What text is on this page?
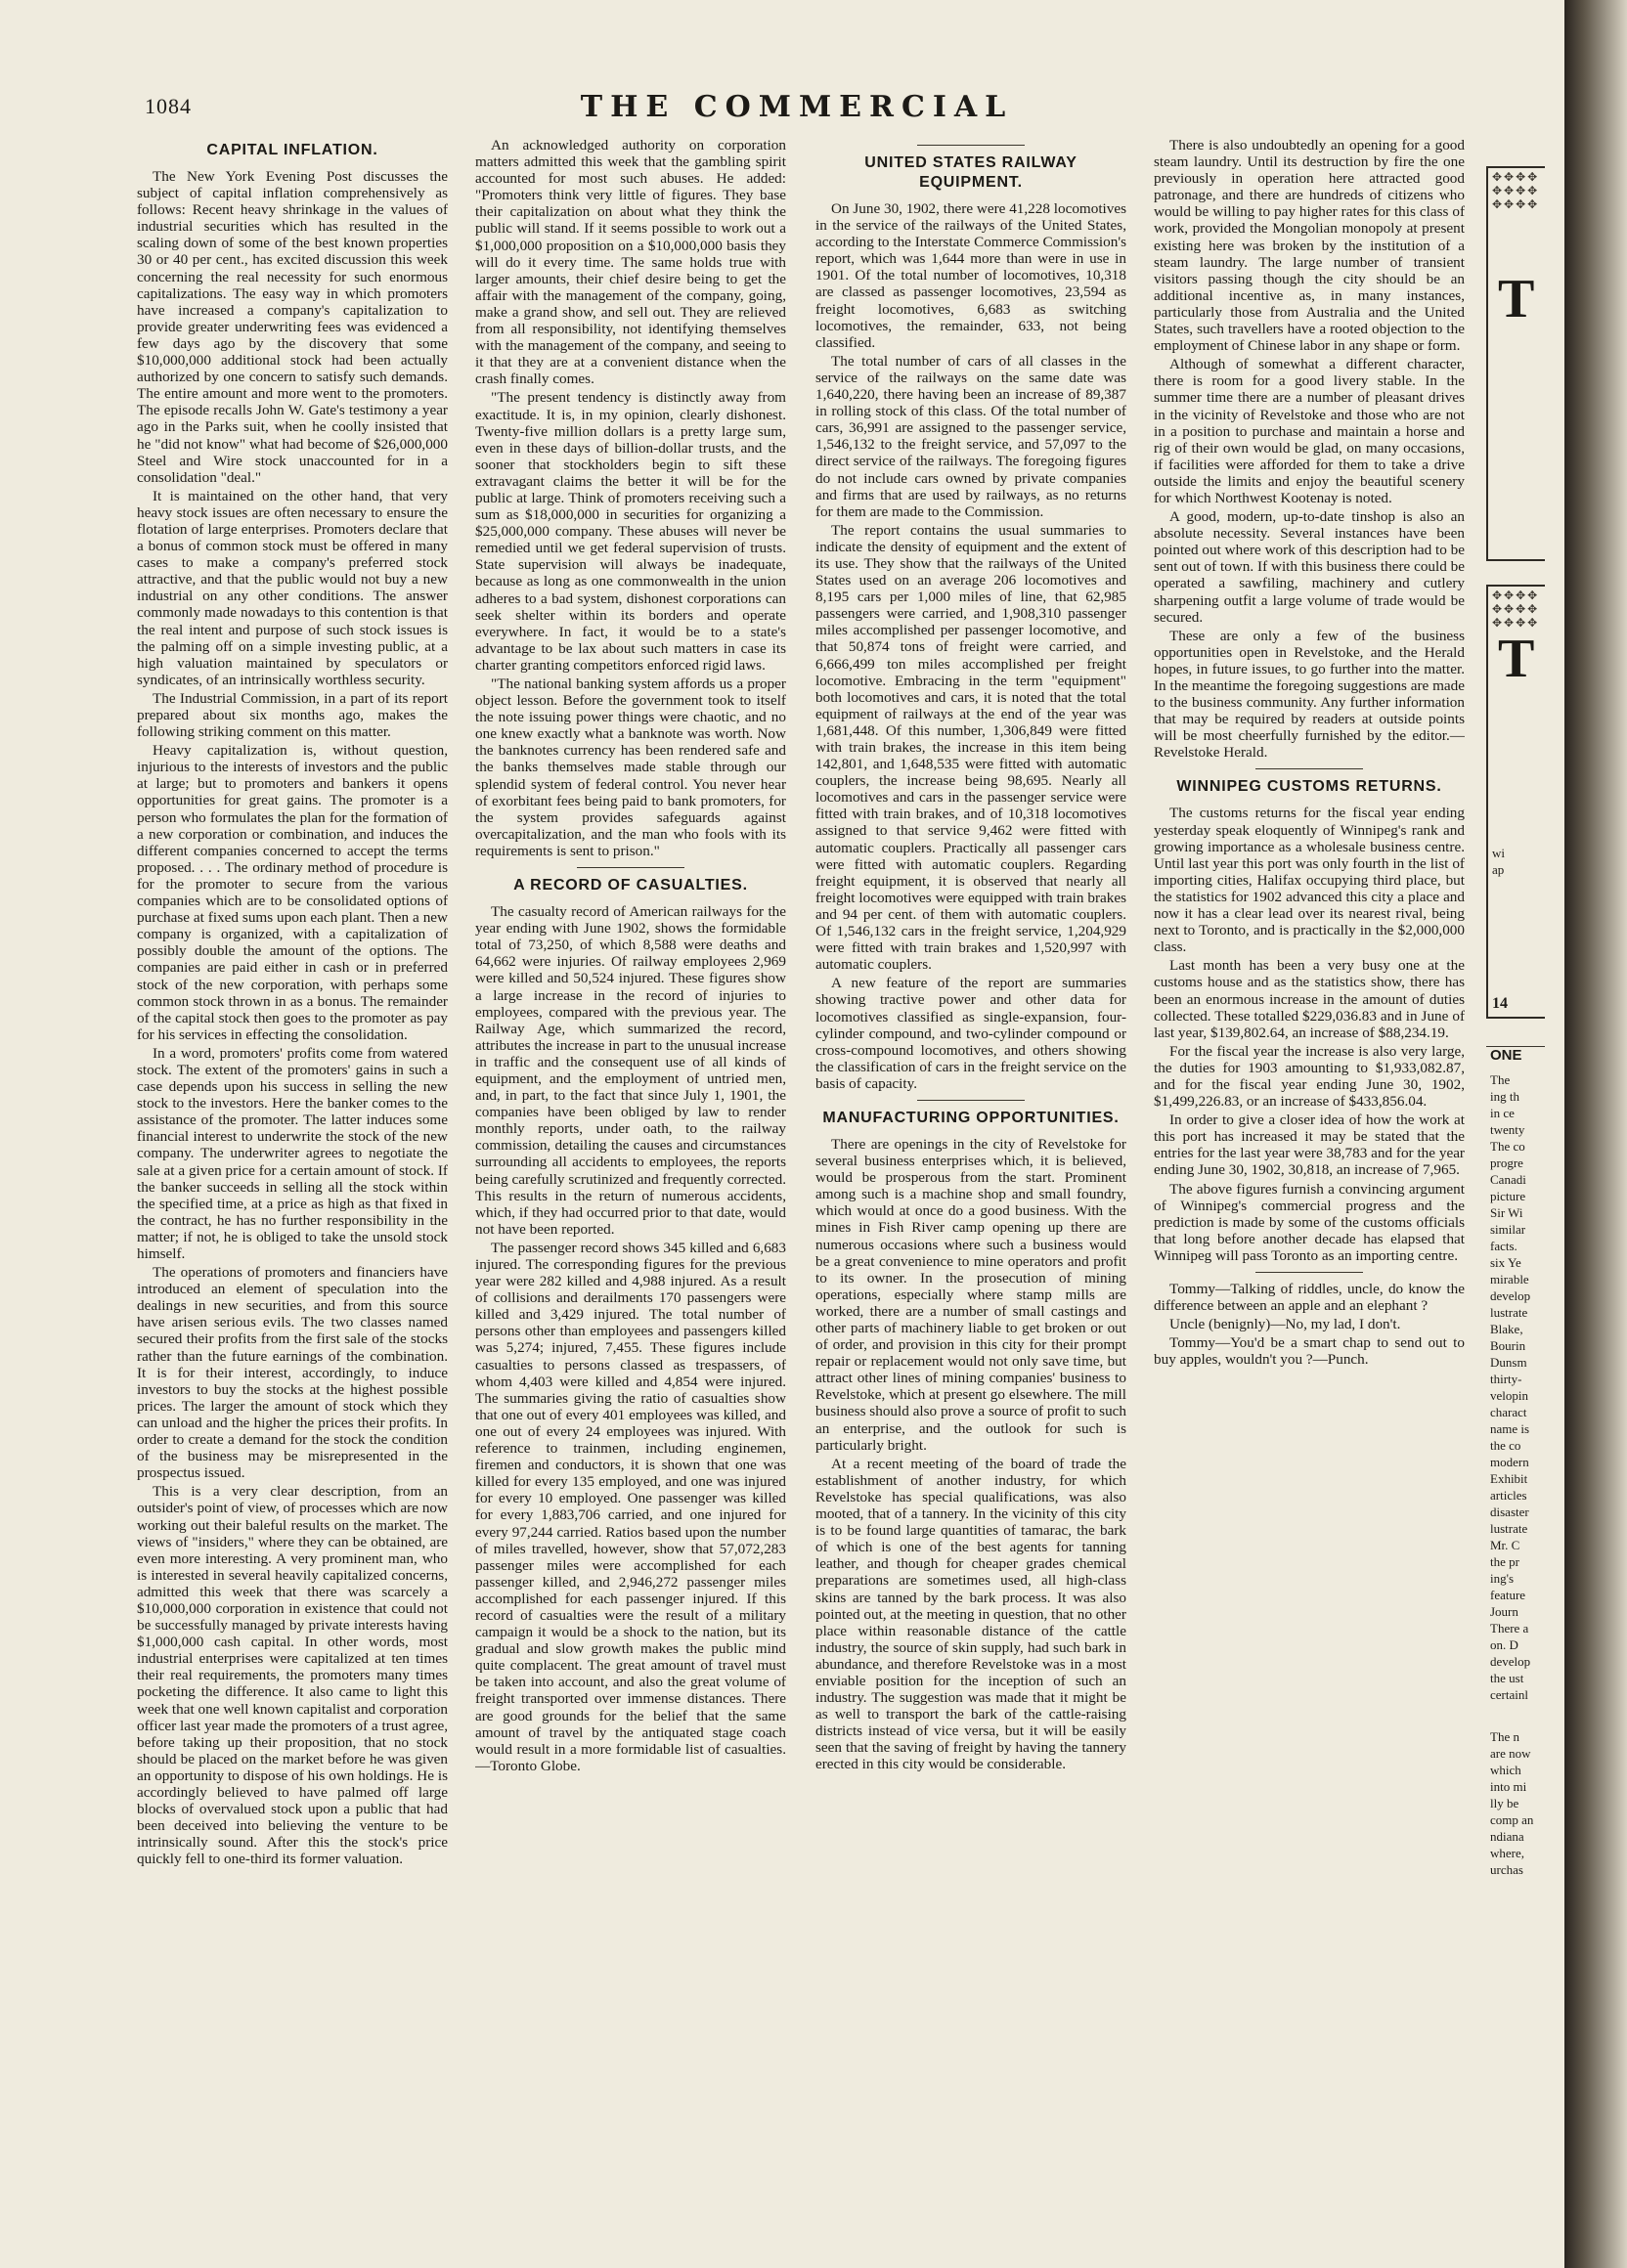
1084	THE COMMERCIAL
CAPITAL INFLATION.

The New York Evening Post discusses the subject of capital inflation comprehensively as follows: Recent heavy shrinkage in the values of industrial securities which has resulted in the scaling down of some of the best known properties 30 or 40 per cent., has excited discussion this week concerning the real necessity for such enormous capitalizations. The easy way in which promoters have increased a company's capitalization to provide greater underwriting fees was evidenced a few days ago by the discovery that some $10,000,000 additional stock had been actually authorized by one concern to satisfy such demands. The entire amount and more went to the promoters. The episode recalls John W. Gate's testimony a year ago in the Parks suit, when he coolly insisted that he "did not know" what had become of $26,000,000 Steel and Wire stock unaccounted for in a consolidation "deal."

It is maintained on the other hand, that very heavy stock issues are often necessary to ensure the flotation of large enterprises. Promoters declare that a bonus of common stock must be offered in many cases to make a company's preferred stock attractive, and that the public would not buy a new industrial on any other conditions. The answer commonly made nowadays to this contention is that the real intent and purpose of such stock issues is the palming off on a simple investing public, at a high valuation maintained by speculators or syndicates, of an intrinsically worthless security.

The Industrial Commission, in a part of its report prepared about six months ago, makes the following striking comment on this matter.

Heavy capitalization is, without question, injurious to the interests of investors and the public at large; but to promoters and bankers it opens opportunities for great gains. The promoter is a person who formulates the plan for the formation of a new corporation or combination, and induces the different companies concerned to accept the terms proposed. . . . The ordinary method of procedure is for the promoter to secure from the various companies which are to be consolidated options of purchase at fixed sums upon each plant. Then a new company is organized, with a capitalization of possibly double the amount of the options. The companies are paid either in cash or in preferred stock of the new corporation, with perhaps some common stock thrown in as a bonus. The remainder of the capital stock then goes to the promoter as pay for his services in effecting the consolidation.

In a word, promoters' profits come from watered stock. The extent of the promoters' gains in such a case depends upon his success in selling the new stock to the investors. Here the banker comes to the assistance of the promoter. The latter induces some financial interest to underwrite the stock of the new company. The underwriter agrees to negotiate the sale at a given price for a certain amount of stock. If the banker succeeds in selling all the stock within the specified time, at a price as high as that fixed in the contract, he has no further responsibility in the matter; if not, he is obliged to take the unsold stock himself.

The operations of promoters and financiers have introduced an element of speculation into the dealings in new securities, and from this source have arisen serious evils. The two classes named secured their profits from the first sale of the stocks rather than the future earnings of the combination. It is for their interest, accordingly, to induce investors to buy the stocks at the highest possible prices. The larger the amount of stock which they can unload and the higher the prices their profits. In order to create a demand for the stock the condition of the business may be misrepresented in the prospectus issued.

This is a very clear description, from an outsider's point of view, of processes which are now working out their baleful results on the market. The views of "insiders," where they can be obtained, are even more interesting. A very prominent man, who is interested in several heavily capitalized concerns, admitted this week that there was scarcely a $10,000,000 corporation in existence that could not be successfully managed by private interests having $1,000,000 cash capital. In other words, most industrial enterprises were capitalized at ten times their real requirements, the promoters many times pocketing the difference. It also came to light this week that one well known capitalist and corporation officer last year made the promoters of a trust agree, before taking up their proposition, that no stock should be placed on the market before he was given an opportunity to dispose of his own holdings. He is accordingly believed to have palmed off large blocks of overvalued stock upon a public that had been deceived into believing the venture to be intrinsically sound. After this the stock's price quickly fell to one-third its former valuation.

An acknowledged authority on corporation matters admitted this week that the gambling spirit accounted for most such abuses. He added: "Promoters think very little of figures. They base their capitalization on about what they think the public will stand. If it seems possible to work out a $1,000,000 proposition on a $10,000,000 basis they will do it every time. The same holds true with larger amounts, their chief desire being to get the affair with the management of the company, going, make a grand show, and sell out. They are relieved from all responsibility, not identifying themselves with the management of the company, and seeing to it that they are at a convenient distance when the crash finally comes.

"The present tendency is distinctly away from exactitude. It is, in my opinion, clearly dishonest. Twenty-five million dollars is a pretty large sum, even in these days of billion-dollar trusts, and the sooner that stockholders begin to sift these extravagant claims the better it will be for the public at large. Think of promoters receiving such a sum as $18,000,000 in securities for organizing a $25,000,000 company. These abuses will never be remedied until we get federal supervision of trusts. State supervision will always be inadequate, because as long as one commonwealth in the union adheres to a bad system, dishonest corporations can seek shelter within its borders and operate everywhere. In fact, it would be to a state's advantage to be lax about such matters in case its charter granting competitors enforced rigid laws.

"The national banking system affords us a proper object lesson. Before the government took to itself the note issuing power things were chaotic, and no one knew exactly what a banknote was worth. Now the banknotes currency has been rendered safe and the banks themselves made stable through our splendid system of federal control. You never hear of exorbitant fees being paid to bank promoters, for the system provides safeguards against overcapitalization, and the man who fools with its requirements is sent to prison."

A RECORD OF CASUALTIES.

The casualty record of American railways for the year ending with June 1902, shows the formidable total of 73,250, of which 8,588 were deaths and 64,662 were injuries. Of railway employees 2,969 were killed and 50,524 injured. These figures show a large increase in the record of injuries to employees, compared with the previous year. The Railway Age, which summarized the record, attributes the increase in part to the unusual increase in traffic and the consequent use of all kinds of equipment, and the employment of untried men, and, in part, to the fact that since July 1, 1901, the companies have been obliged by law to render monthly reports, under oath, to the railway commission, detailing the causes and circumstances surrounding all accidents to employees, the reports being carefully scrutinized and frequently corrected. This results in the return of numerous accidents, which, if they had occurred prior to that date, would not have been reported.

The passenger record shows 345 killed and 6,683 injured. The corresponding figures for the previous year were 282 killed and 4,988 injured. As a result of collisions and derailments 170 passengers were killed and 3,429 injured. The total number of persons other than employees and passengers killed was 5,274; injured, 7,455. These figures include casualties to persons classed as trespassers, of whom 4,403 were killed and 4,854 were injured. The summaries giving the ratio of casualties show that one out of every 401 employees was killed, and one out of every 24 employees was injured. With reference to trainmen, including enginemen, firemen and conductors, it is shown that one was killed for every 135 employed, and one was injured for every 10 employed. One passenger was killed for every 1,883,706 carried, and one injured for every 97,244 carried. Ratios based upon the number of miles travelled, however, show that 57,072,283 passenger miles were accomplished for each passenger killed, and 2,946,272 passenger miles accomplished for each passenger injured. If this record of casualties were the result of a military campaign it would be a shock to the nation, but its gradual and slow growth makes the public mind quite complacent. The great amount of travel must be taken into account, and also the great volume of freight transported over immense distances. There are good grounds for the belief that the same amount of travel by the antiquated stage coach would result in a more formidable list of casualties.—Toronto Globe.

UNITED STATES RAILWAY EQUIPMENT.

On June 30, 1902, there were 41,228 locomotives in the service of the railways of the United States, according to the Interstate Commerce Commission's report, which was 1,644 more than were in use in 1901. Of the total number of locomotives, 10,318 are classed as passenger locomotives, 23,594 as freight locomotives, 6,683 as switching locomotives, the remainder, 633, not being classified.

The total number of cars of all classes in the service of the railways on the same date was 1,640,220, there having been an increase of 89,387 in rolling stock of this class. Of the total number of cars, 36,991 are assigned to the passenger service, 1,546,132 to the freight service, and 57,097 to the direct service of the railways. The foregoing figures do not include cars owned by private companies and firms that are used by railways, as no returns for them are made to the Commission.

The report contains the usual summaries to indicate the density of equipment and the extent of its use. They show that the railways of the United States used on an average 206 locomotives and 8,195 cars per 1,000 miles of line, that 62,985 passengers were carried, and 1,908,310 passenger miles accomplished per passenger locomotive, and that 50,874 tons of freight were carried, and 6,666,499 ton miles accomplished per freight locomotive. Embracing in the term "equipment" both locomotives and cars, it is noted that the total equipment of railways at the end of the year was 1,681,448. Of this number, 1,306,849 were fitted with train brakes, the increase in this item being 142,801, and 1,648,535 were fitted with automatic couplers, the increase being 98,695. Nearly all locomotives and cars in the passenger service were fitted with train brakes, and of 10,318 locomotives assigned to that service 9,462 were fitted with automatic couplers. Practically all passenger cars were fitted with automatic couplers. Regarding freight equipment, it is observed that nearly all freight locomotives were equipped with train brakes and 94 per cent. of them with automatic couplers. Of 1,546,132 cars in the freight service, 1,204,929 were fitted with train brakes and 1,520,997 with automatic couplers.

A new feature of the report are summaries showing tractive power and other data for locomotives classified as single-expansion, four-cylinder compound, and two-cylinder compound or cross-compound locomotives, and others showing the classification of cars in the freight service on the basis of capacity.

MANUFACTURING OPPORTUNITIES.

There are openings in the city of Revelstoke for several business enterprises which, it is believed, would be prosperous from the start. Prominent among such is a machine shop and small foundry, which would at once do a good business. With the mines in Fish River camp opening up there are numerous occasions where such a business would be a great convenience to mine operators and profit to its owner. In the prosecution of mining operations, especially where stamp mills are worked, there are a number of small castings and other parts of machinery liable to get broken or out of order, and provision in this city for their prompt repair or replacement would not only save time, but attract other lines of mining companies' business to Revelstoke, which at present go elsewhere. The mill business should also prove a source of profit to such an enterprise, and the outlook for such is particularly bright.

At a recent meeting of the board of trade the establishment of another industry, for which Revelstoke has special qualifications, was also mooted, that of a tannery. In the vicinity of this city is to be found large quantities of tamarac, the bark of which is one of the best agents for tanning leather, and though for cheaper grades chemical preparations are sometimes used, all high-class skins are tanned by the bark process. It was also pointed out, at the meeting in question, that no other place within reasonable distance of the cattle industry, the source of skin supply, had such bark in abundance, and therefore Revelstoke was in a most enviable position for the inception of such an industry. The suggestion was made that it might be as well to transport the bark of the cattle-raising districts instead of vice versa, but it will be easily seen that the saving of freight by having the tannery erected in this city would be considerable.

There is also undoubtedly an opening for a good steam laundry. Until its destruction by fire the one previously in operation here attracted good patronage, and there are hundreds of citizens who would be willing to pay higher rates for this class of work, provided the Mongolian monopoly at present existing here was broken by the institution of a steam laundry. The large number of transient visitors passing though the city should be an additional incentive as, in many instances, particularly those from Australia and the United States, such travellers have a rooted objection to the employment of Chinese labor in any shape or form.

Although of somewhat a different character, there is room for a good livery stable. In the summer time there are a number of pleasant drives in the vicinity of Revelstoke and those who are not in a position to purchase and maintain a horse and rig of their own would be glad, on many occasions, if facilities were afforded for them to take a drive outside the limits and enjoy the beautiful scenery for which Northwest Kootenay is noted.

A good, modern, up-to-date tinshop is also an absolute necessity. Several instances have been pointed out where work of this description had to be sent out of town. If with this business there could be operated a sawfiling, machinery and cutlery sharpening outfit a large volume of trade would be secured.

These are only a few of the business opportunities open in Revelstoke, and the Herald hopes, in future issues, to go further into the matter. In the meantime the foregoing suggestions are made to the business community. Any further information that may be required by readers at outside points will be most cheerfully furnished by the editor.—Revelstoke Herald.

WINNIPEG CUSTOMS RETURNS.

The customs returns for the fiscal year ending yesterday speak eloquently of Winnipeg's rank and growing importance as a wholesale business centre. Until last year this port was only fourth in the list of importing cities, Halifax occupying third place, but the statistics for 1902 advanced this city a place and now it has a clear lead over its nearest rival, being next to Toronto, and is practically in the $2,000,000 class.

Last month has been a very busy one at the customs house and as the statistics show, there has been an enormous increase in the amount of duties collected. These totalled $229,036.83 and in June of last year, $139,802.64, an increase of $88,234.19.

For the fiscal year the increase is also very large, the duties for 1903 amounting to $1,933,082.87, and for the fiscal year ending June 30, 1902, $1,499,226.83, or an increase of $433,856.04.

In order to give a closer idea of how the work at this port has increased it may be stated that the entries for the last year were 38,783 and for the year ending June 30, 1902, 30,818, an increase of 7,965.

The above figures furnish a convincing argument of Winnipeg's commercial progress and the prediction is made by some of the customs officials that long before another decade has elapsed that Winnipeg will pass Toronto as an importing centre.

Tommy—Talking of riddles, uncle, do know the difference between an apple and an elephant ?

Uncle (benignly)—No, my lad, I don't.

Tommy—You'd be a smart chap to send out to buy apples, wouldn't you ?—Punch.

✥✥✥✥✥✥✥✥✥✥✥✥
T
✥✥✥✥✥✥✥✥✥✥✥✥
T
wi
ap
14
ONE
The
ing th
in ce
twenty
The co
progre
Canadi
picture
Sir Wi
similar
facts.
six Ye
mirable
develop
lustrate
Blake,
Bourin
Dunsm
thirty-
velopin
charact
name is
the co
modern
Exhibit
articles
disaster
lustrate
Mr. C
the pr
ing's
feature
Journ
There a
on. D
develop
the ust
certainl
The n
are now
which
into mi
lly be
comp an
ndiana
where,
urchas
